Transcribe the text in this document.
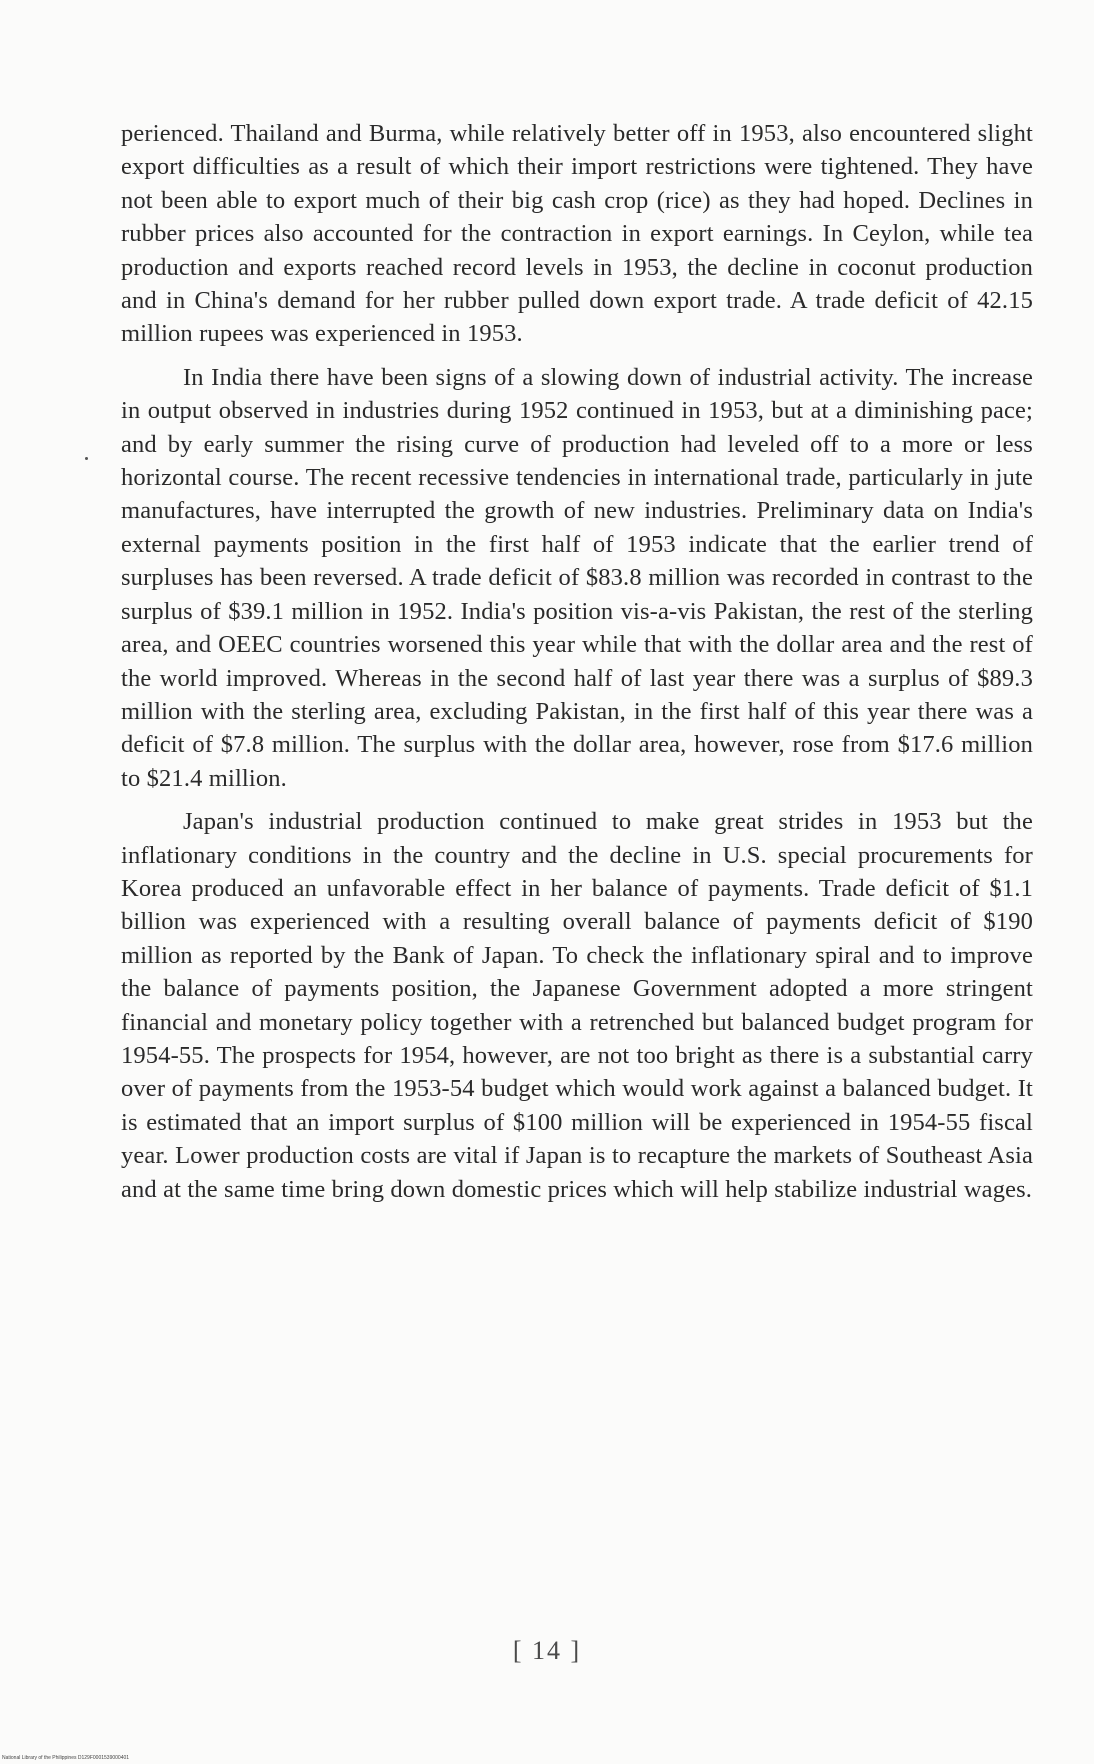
perienced. Thailand and Burma, while relatively better off in 1953, also encountered slight export difficulties as a result of which their import restrictions were tightened. They have not been able to export much of their big cash crop (rice) as they had hoped. Declines in rubber prices also accounted for the contraction in export earnings. In Ceylon, while tea production and exports reached record levels in 1953, the decline in coconut production and in China's demand for her rubber pulled down export trade. A trade deficit of 42.15 million rupees was experienced in 1953.

In India there have been signs of a slowing down of industrial activity. The increase in output observed in industries during 1952 continued in 1953, but at a diminishing pace; and by early summer the rising curve of production had leveled off to a more or less horizontal course. The recent recessive tendencies in international trade, particularly in jute manufactures, have interrupted the growth of new industries. Preliminary data on India's external payments position in the first half of 1953 indicate that the earlier trend of surpluses has been reversed. A trade deficit of $83.8 million was recorded in contrast to the surplus of $39.1 million in 1952. India's position vis-a-vis Pakistan, the rest of the sterling area, and OEEC countries worsened this year while that with the dollar area and the rest of the world improved. Whereas in the second half of last year there was a surplus of $89.3 million with the sterling area, excluding Pakistan, in the first half of this year there was a deficit of $7.8 million. The surplus with the dollar area, however, rose from $17.6 million to $21.4 million.

Japan's industrial production continued to make great strides in 1953 but the inflationary conditions in the country and the decline in U.S. special procurements for Korea produced an unfavorable effect in her balance of payments. Trade deficit of $1.1 billion was experienced with a resulting overall balance of payments deficit of $190 million as reported by the Bank of Japan. To check the inflationary spiral and to improve the balance of payments position, the Japanese Government adopted a more stringent financial and monetary policy together with a retrenched but balanced budget program for 1954-55. The prospects for 1954, however, are not too bright as there is a substantial carry over of payments from the 1953-54 budget which would work against a balanced budget. It is estimated that an import surplus of $100 million will be experienced in 1954-55 fiscal year. Lower production costs are vital if Japan is to recapture the markets of Southeast Asia and at the same time bring down domestic prices which will help stabilize industrial wages.

[ 14 ]
National Library of the Philippines D129F0001539000401
